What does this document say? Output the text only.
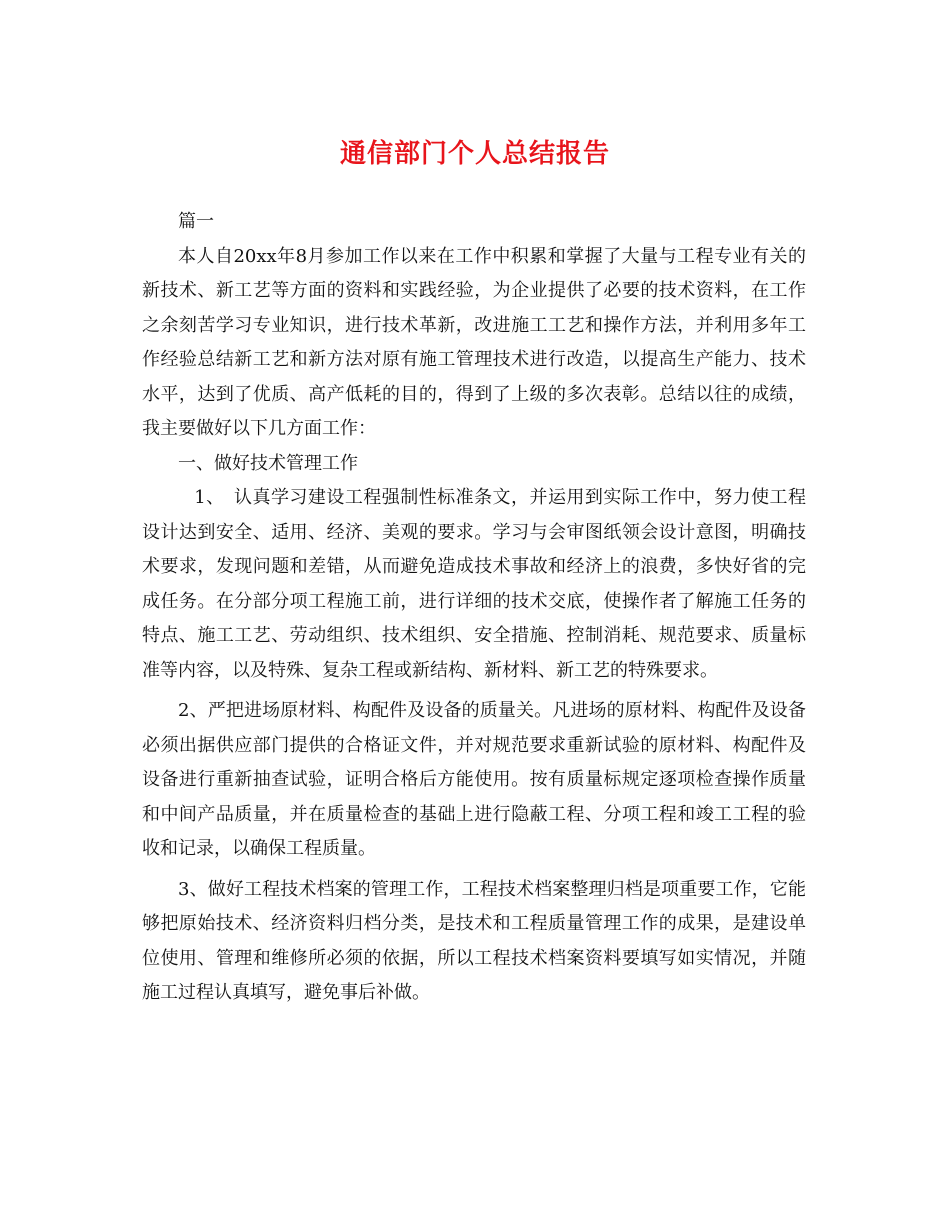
通信部门个人总结报告

篇一

本人自20xx年8月参加工作以来在工作中积累和掌握了大量与工程专业有关的新技术、新工艺等方面的资料和实践经验，为企业提供了必要的技术资料，在工作之余刻苦学习专业知识，进行技术革新，改进施工工艺和操作方法，并利用多年工作经验总结新工艺和新方法对原有施工管理技术进行改造，以提高生产能力、技术水平，达到了优质、高产低耗的目的，得到了上级的多次表彰。总结以往的成绩，我主要做好以下几方面工作：

一、做好技术管理工作

1、　认真学习建设工程强制性标准条文，并运用到实际工作中，努力使工程设计达到安全、适用、经济、美观的要求。学习与会审图纸领会设计意图，明确技术要求，发现问题和差错，从而避免造成技术事故和经济上的浪费，多快好省的完成任务。在分部分项工程施工前，进行详细的技术交底，使操作者了解施工任务的特点、施工工艺、劳动组织、技术组织、安全措施、控制消耗、规范要求、质量标准等内容，以及特殊、复杂工程或新结构、新材料、新工艺的特殊要求。

2、严把进场原材料、构配件及设备的质量关。凡进场的原材料、构配件及设备必须出据供应部门提供的合格证文件，并对规范要求重新试验的原材料、构配件及设备进行重新抽查试验，证明合格后方能使用。按有质量标规定逐项检查操作质量和中间产品质量，并在质量检查的基础上进行隐蔽工程、分项工程和竣工工程的验收和记录，以确保工程质量。

3、做好工程技术档案的管理工作，工程技术档案整理归档是项重要工作，它能够把原始技术、经济资料归档分类，是技术和工程质量管理工作的成果，是建设单位使用、管理和维修所必须的依据，所以工程技术档案资料要填写如实情况，并随施工过程认真填写，避免事后补做。
